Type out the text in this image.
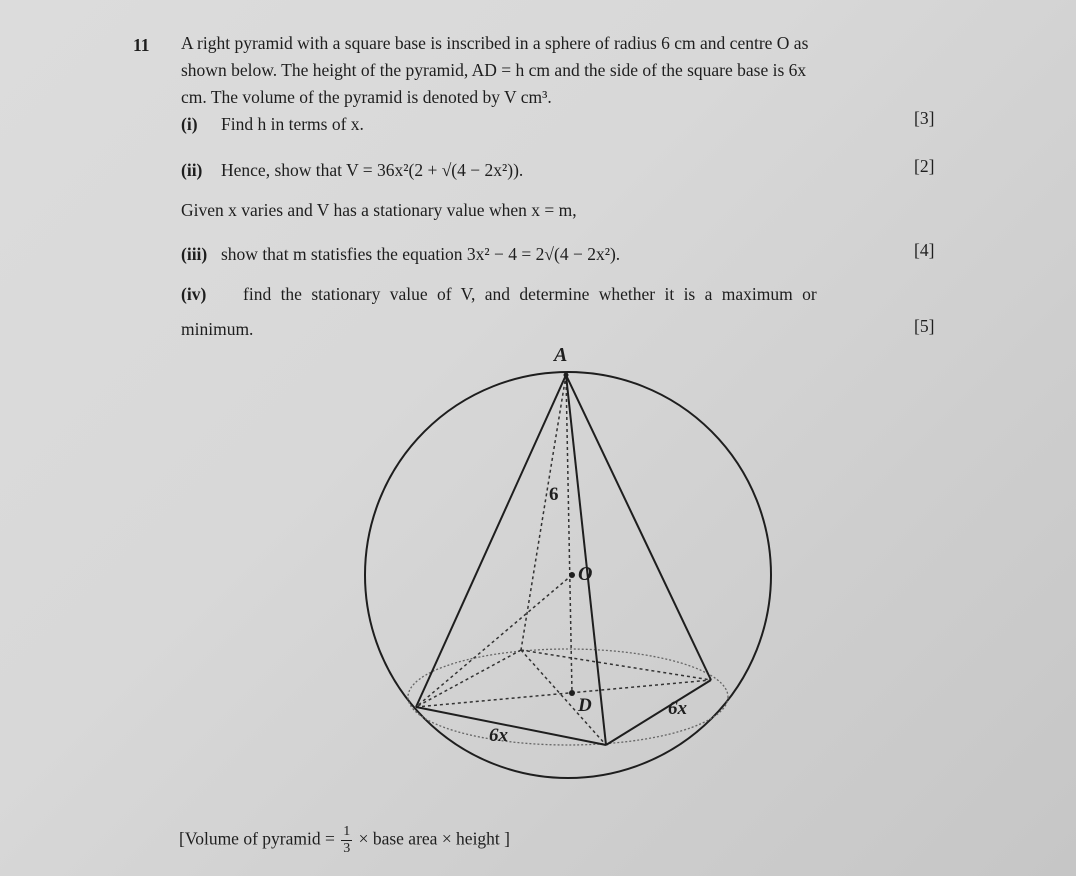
11 A right pyramid with a square base is inscribed in a sphere of radius 6 cm and centre O as
shown below. The height of the pyramid, AD = h cm and the side of the square base is 6x
cm. The volume of the pyramid is denoted by V cm³.
(i) Find h in terms of x.	[3]
(ii) Hence, show that V = 36x²(2 + √(4 − 2x²)).	[2]
Given x varies and V has a stationary value when x = m,
(iii) show that m statisfies the equation 3x² − 4 = 2√(4 − 2x²).	[4]
(iv) find the stationary value of V, and determine whether it is a maximum or
minimum.	[5]
A
O
D
6
6x
6x
[Volume of pyramid = $\frac{1}{3}$ × base area × height ]
